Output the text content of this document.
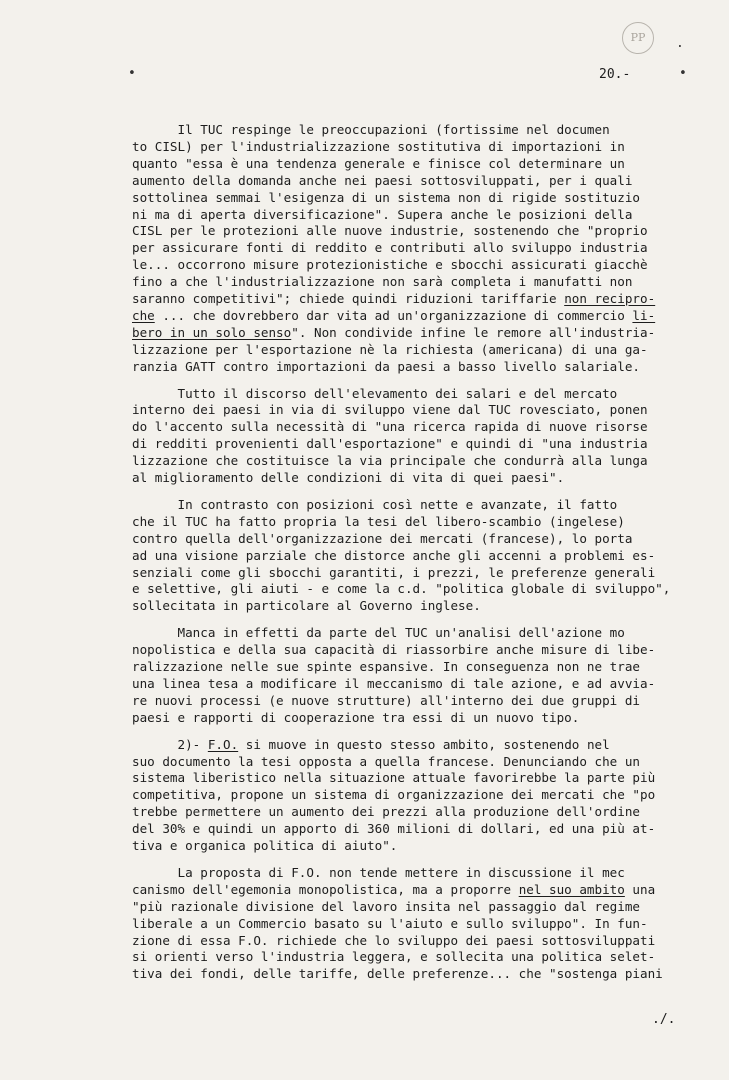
PP
•
.
•
20.-
Il TUC respinge le preoccupazioni (fortissime nel documen
to CISL) per l'industrializzazione sostitutiva di importazioni in
quanto "essa è una tendenza generale e finisce col determinare un
aumento della domanda anche nei paesi sottosviluppati, per i quali
sottolinea semmai l'esigenza di un sistema non di rigide sostituzio
ni ma di aperta diversificazione". Supera anche le posizioni della
CISL per le protezioni alle nuove industrie, sostenendo che "proprio
per assicurare fonti di reddito e contributi allo sviluppo industria
le... occorrono misure protezionistiche e sbocchi assicurati giacchè
fino a che l'industrializzazione non sarà completa i manufatti non
saranno competitivi"; chiede quindi riduzioni tariffarie non recipro-
che ... che dovrebbero dar vita ad un'organizzazione di commercio li-
bero in un solo senso". Non condivide infine le remore all'industria-
lizzazione per l'esportazione nè la richiesta (americana) di una ga-
ranzia GATT contro importazioni da paesi a basso livello salariale.
Tutto il discorso dell'elevamento dei salari e del mercato
interno dei paesi in via di sviluppo viene dal TUC rovesciato, ponen
do l'accento sulla necessità di "una ricerca rapida di nuove risorse
di redditi provenienti dall'esportazione" e quindi di "una industria
lizzazione che costituisce la via principale che condurrà alla lunga
al miglioramento delle condizioni di vita di quei paesi".
In contrasto con posizioni così nette e avanzate, il fatto
che il TUC ha fatto propria la tesi del libero-scambio (ingelese)
contro quella dell'organizzazione dei mercati (francese), lo porta
ad una visione parziale che distorce anche gli accenni a problemi es-
senziali come gli sbocchi garantiti, i prezzi, le preferenze generali
e selettive, gli aiuti - e come la c.d. "politica globale di sviluppo",
sollecitata in particolare al Governo inglese.
Manca in effetti da parte del TUC un'analisi dell'azione mo
nopolistica e della sua capacità di riassorbire anche misure di libe-
ralizzazione nelle sue spinte espansive. In conseguenza non ne trae
una linea tesa a modificare il meccanismo di tale azione, e ad avvia-
re nuovi processi (e nuove strutture) all'interno dei due gruppi di
paesi e rapporti di cooperazione tra essi di un nuovo tipo.
2)- F.O. si muove in questo stesso ambito, sostenendo nel
suo documento la tesi opposta a quella francese. Denunciando che un
sistema liberistico nella situazione attuale favorirebbe la parte più
competitiva, propone un sistema di organizzazione dei mercati che "po
trebbe permettere un aumento dei prezzi alla produzione dell'ordine
del 30% e quindi un apporto di 360 milioni di dollari, ed una più at-
tiva e organica politica di aiuto".
La proposta di F.O. non tende mettere in discussione il mec
canismo dell'egemonia monopolistica, ma a proporre nel suo ambito una
"più razionale divisione del lavoro insita nel passaggio dal regime
liberale a un Commercio basato su l'aiuto e sullo sviluppo". In fun-
zione di essa F.O. richiede che lo sviluppo dei paesi sottosviluppati
si orienti verso l'industria leggera, e sollecita una politica selet-
tiva dei fondi, delle tariffe, delle preferenze... che "sostenga piani
./.
